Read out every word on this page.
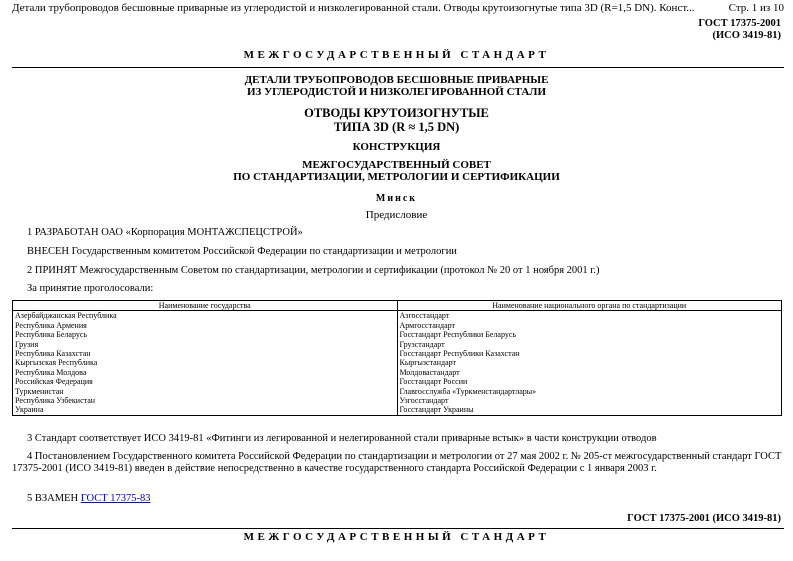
Детали трубопроводов бесшовные приварные из углеродистой и низколегированной стали. Отводы крутоизогнутые типа 3D (R=1,5 DN). Конст...	Стр. 1 из 10
ГОСТ 17375-2001
(ИСО 3419-81)
МЕЖГОСУДАРСТВЕННЫЙ СТАНДАРТ
ДЕТАЛИ ТРУБОПРОВОДОВ БЕСШОВНЫЕ ПРИВАРНЫЕ
ИЗ УГЛЕРОДИСТОЙ И НИЗКОЛЕГИРОВАННОЙ СТАЛИ
ОТВОДЫ КРУТОИЗОГНУТЫЕ
ТИПА 3D (R ≈ 1,5 DN)
КОНСТРУКЦИЯ
МЕЖГОСУДАРСТВЕННЫЙ СОВЕТ
ПО СТАНДАРТИЗАЦИИ, МЕТРОЛОГИИ И СЕРТИФИКАЦИИ
Минск
Предисловие
1 РАЗРАБОТАН ОАО «Корпорация МОНТАЖСПЕЦСТРОЙ»
ВНЕСЕН Государственным комитетом Российской Федерации по стандартизации и метрологии
2 ПРИНЯТ Межгосударственным Советом по стандартизации, метрологии и сертификации (протокол № 20 от 1 ноября 2001 г.)
За принятие проголосовали:
Наименование государства	Наименование национального органа по стандартизации
Азербайджанская Республика	Азгосстандарт
Республика Армения	Армгосстандарт
Республика Беларусь	Госстандарт Республики Беларусь
Грузия	Грузстандарт
Республика Казахстан	Госстандарт Республики Казахстан
Кыргызская Республика	Кыргызстандарт
Республика Молдова	Молдовастандарт
Российская Федерация	Госстандарт России
Туркменистан	Главгосслужба «Туркменстандартлары»
Республика Узбекистан	Узгосстандарт
Украина	Госстандарт Украины
3 Стандарт соответствует ИСО 3419-81 «Фитинги из легированной и нелегированной стали приварные встык» в части конструкции отводов
4 Постановлением Государственного комитета Российской Федерации по стандартизации и метрологии от 27 мая 2002 г. № 205-ст межгосударственный стандарт ГОСТ 17375-2001 (ИСО 3419-81) введен в действие непосредственно в качестве государственного стандарта Российской Федерации с 1 января 2003 г.
5 ВЗАМЕН ГОСТ 17375-83
ГОСТ 17375-2001 (ИСО 3419-81)
МЕЖГОСУДАРСТВЕННЫЙ СТАНДАРТ
